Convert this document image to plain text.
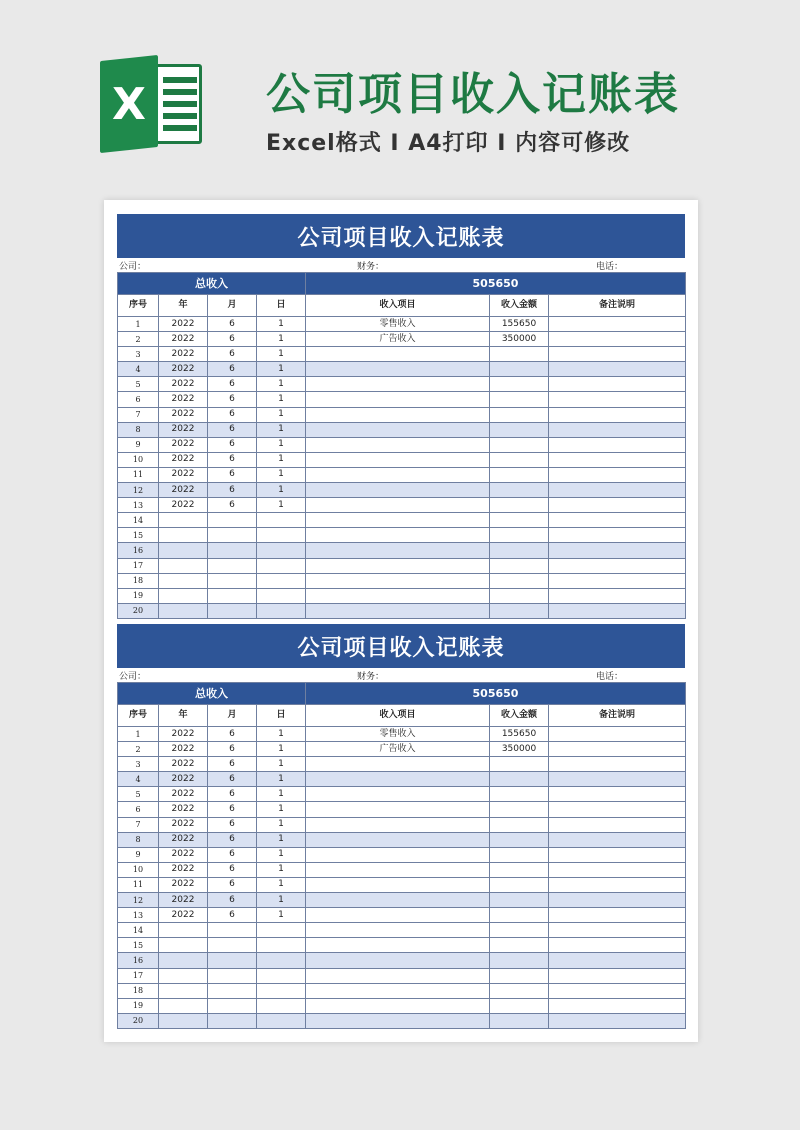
X	公司项目收入记账表
Excel格式 Ⅰ A4打印 Ⅰ 内容可修改
公司项目收入记账表
公司：	财务：	电话：
总收入				505650		
序号	年	月	日	收入项目	收入金额	备注说明
1	2022	6	1	零售收入	155650	
2	2022	6	1	广告收入	350000	
3	2022	6	1			
4	2022	6	1			
5	2022	6	1			
6	2022	6	1			
7	2022	6	1			
8	2022	6	1			
9	2022	6	1			
10	2022	6	1			
11	2022	6	1			
12	2022	6	1			
13	2022	6	1			
14						
15						
16						
17						
18						
19						
20						
公司项目收入记账表
公司：	财务：	电话：
总收入				505650		
序号	年	月	日	收入项目	收入金额	备注说明
1	2022	6	1	零售收入	155650	
2	2022	6	1	广告收入	350000	
3	2022	6	1			
4	2022	6	1			
5	2022	6	1			
6	2022	6	1			
7	2022	6	1			
8	2022	6	1			
9	2022	6	1			
10	2022	6	1			
11	2022	6	1			
12	2022	6	1			
13	2022	6	1			
14						
15						
16						
17						
18						
19						
20						
